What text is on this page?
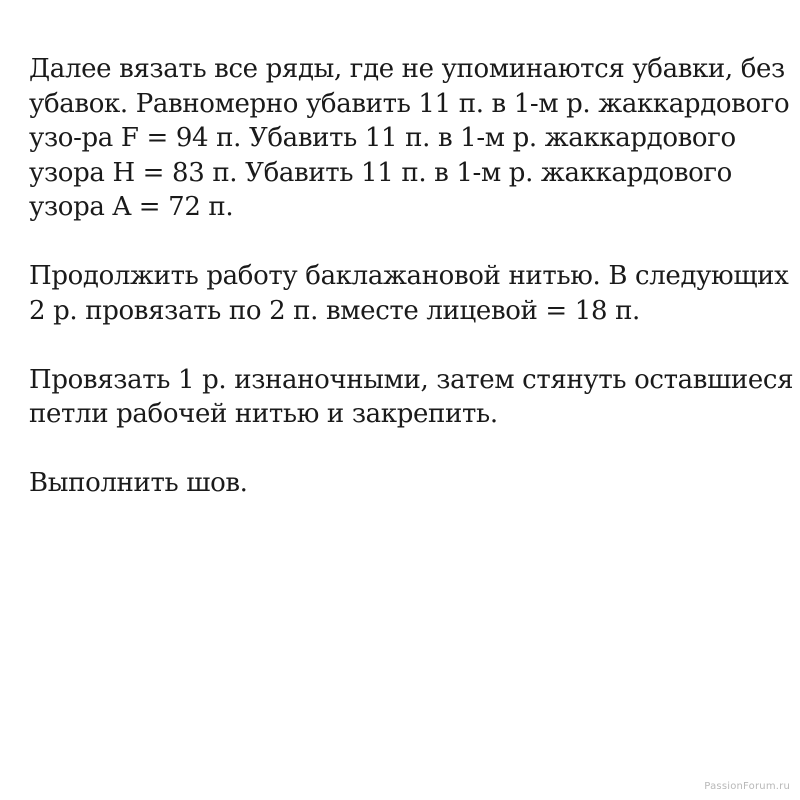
Далее вязать все ряды, где не упоминаются убавки, без
убавок. Равномерно убавить 11 п. в 1-м р. жаккардового
узо-ра F = 94 п. Убавить 11 п. в 1-м р. жаккардового
узора H = 83 п. Убавить 11 п. в 1-м р. жаккардового
узора A = 72 п.

Продолжить работу баклажановой нитью. В следующих
2 р. провязать по 2 п. вместе лицевой = 18 п.

Провязать 1 р. изнаночными, затем стянуть оставшиеся
петли рабочей нитью и закрепить.

Выполнить шов.

PassionForum.ru
